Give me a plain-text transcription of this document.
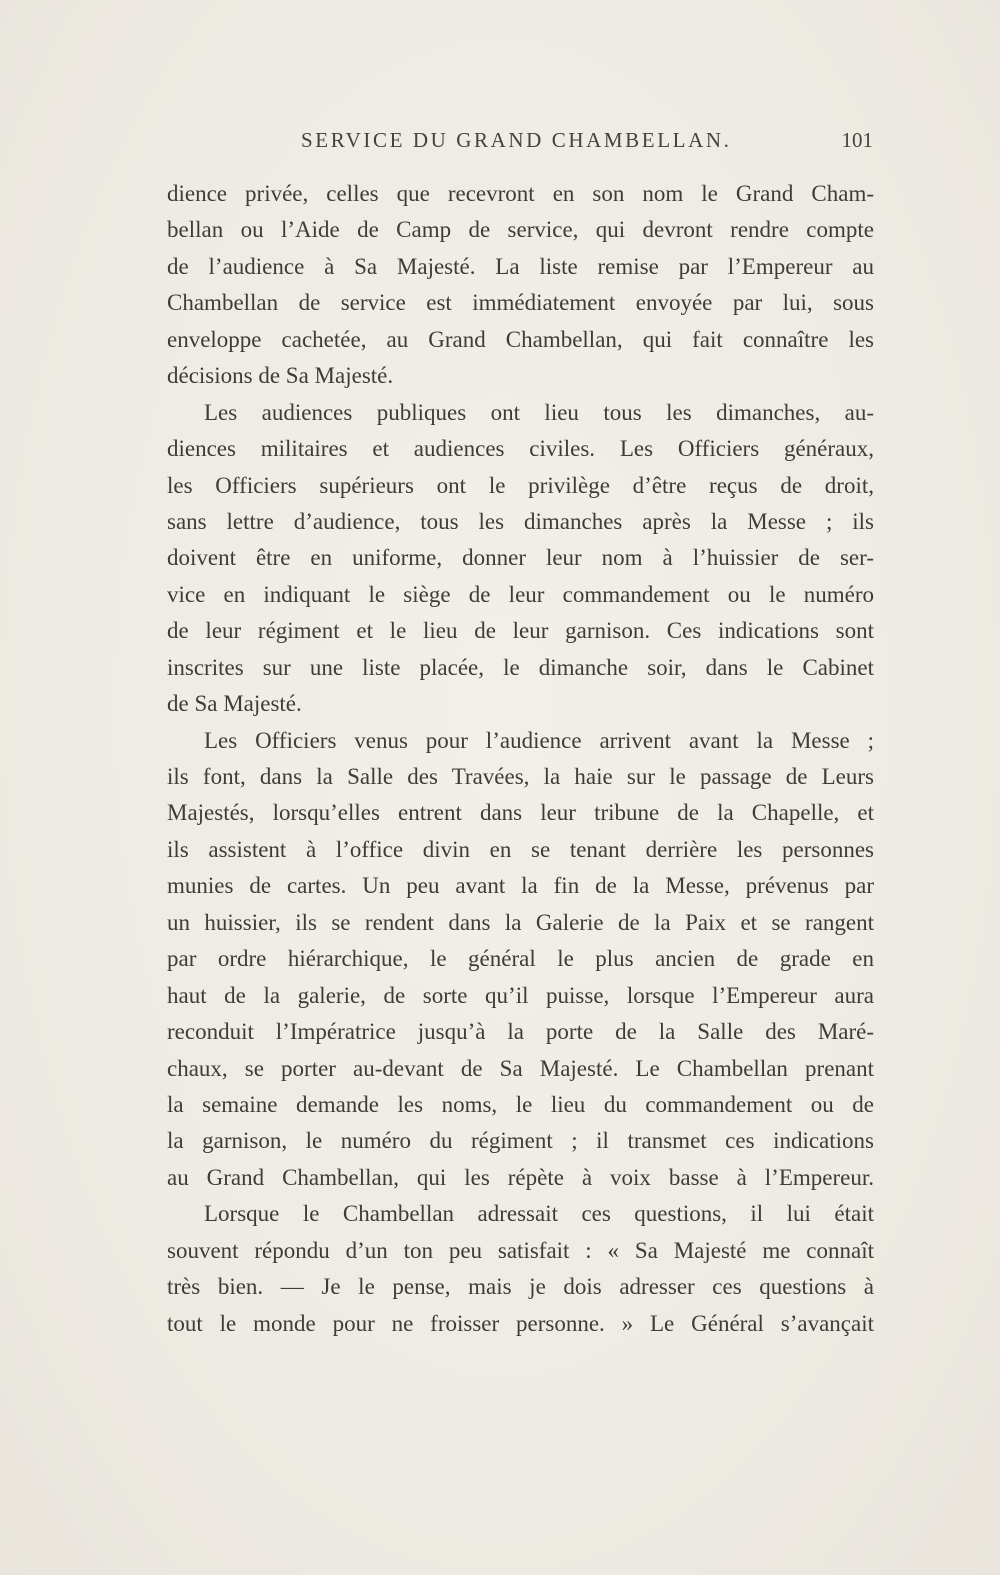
SERVICE DU GRAND CHAMBELLAN.	101
dience privée, celles que recevront en son nom le Grand Cham-
bellan ou l’Aide de Camp de service, qui devront rendre compte
de l’audience à Sa Majesté. La liste remise par l’Empereur au
Chambellan de service est immédiatement envoyée par lui, sous
enveloppe cachetée, au Grand Chambellan, qui fait connaître les
décisions de Sa Majesté.
Les audiences publiques ont lieu tous les dimanches, au-
diences militaires et audiences civiles. Les Officiers généraux,
les Officiers supérieurs ont le privilège d’être reçus de droit,
sans lettre d’audience, tous les dimanches après la Messe ; ils
doivent être en uniforme, donner leur nom à l’huissier de ser-
vice en indiquant le siège de leur commandement ou le numéro
de leur régiment et le lieu de leur garnison. Ces indications sont
inscrites sur une liste placée, le dimanche soir, dans le Cabinet
de Sa Majesté.
Les Officiers venus pour l’audience arrivent avant la Messe ;
ils font, dans la Salle des Travées, la haie sur le passage de Leurs
Majestés, lorsqu’elles entrent dans leur tribune de la Chapelle, et
ils assistent à l’office divin en se tenant derrière les personnes
munies de cartes. Un peu avant la fin de la Messe, prévenus par
un huissier, ils se rendent dans la Galerie de la Paix et se rangent
par ordre hiérarchique, le général le plus ancien de grade en
haut de la galerie, de sorte qu’il puisse, lorsque l’Empereur aura
reconduit l’Impératrice jusqu’à la porte de la Salle des Maré-
chaux, se porter au-devant de Sa Majesté. Le Chambellan prenant
la semaine demande les noms, le lieu du commandement ou de
la garnison, le numéro du régiment ; il transmet ces indications
au Grand Chambellan, qui les répète à voix basse à l’Empereur.
Lorsque le Chambellan adressait ces questions, il lui était
souvent répondu d’un ton peu satisfait : « Sa Majesté me connaît
très bien. — Je le pense, mais je dois adresser ces questions à
tout le monde pour ne froisser personne. » Le Général s’avançait
